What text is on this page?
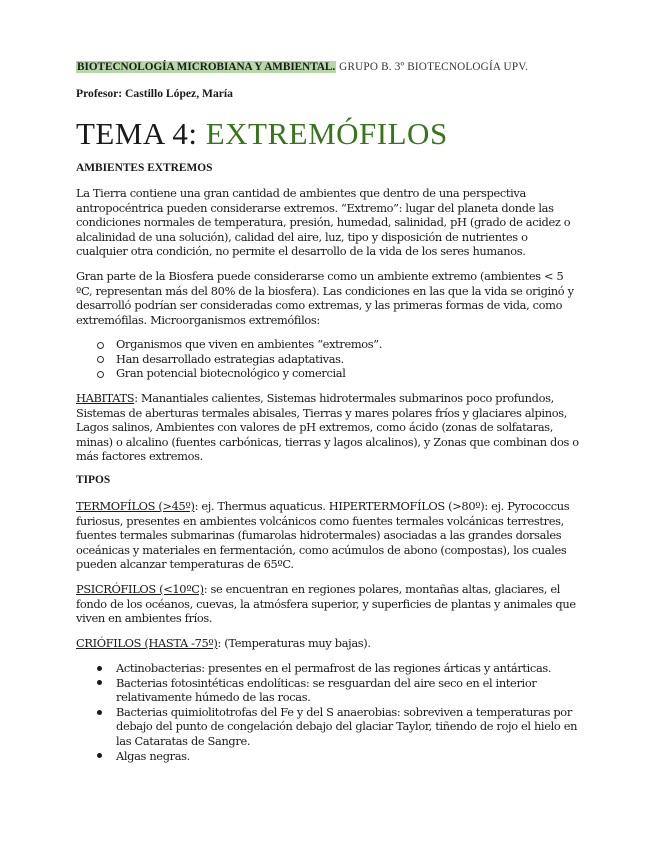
BIOTECNOLOGÍA MICROBIANA Y AMBIENTAL. GRUPO B. 3º BIOTECNOLOGÍA UPV.
Profesor: Castillo López, María
TEMA 4: EXTREMÓFILOS
AMBIENTES EXTREMOS

La Tierra contiene una gran cantidad de ambientes que dentro de una perspectiva antropocéntrica pueden considerarse extremos. “Extremo”: lugar del planeta donde las condiciones normales de temperatura, presión, humedad, salinidad, pH (grado de acidez o alcalinidad de una solución), calidad del aire, luz, tipo y disposición de nutrientes o cualquier otra condición, no permite el desarrollo de la vida de los seres humanos.

Gran parte de la Biosfera puede considerarse como un ambiente extremo (ambientes < 5 ºC, representan más del 80% de la biosfera). Las condiciones en las que la vida se originó y desarrolló podrían ser consideradas como extremas, y las primeras formas de vida, como extremófilas. Microorganismos extremófilos:

Organismos que viven en ambientes “extremos”.
Han desarrollado estrategias adaptativas.
Gran potencial biotecnológico y comercial

HABITATS: Manantiales calientes, Sistemas hidrotermales submarinos poco profundos, Sistemas de aberturas termales abisales, Tierras y mares polares fríos y glaciares alpinos, Lagos salinos, Ambientes con valores de pH extremos, como ácido (zonas de solfataras, minas) o alcalino (fuentes carbónicas, tierras y lagos alcalinos), y Zonas que combinan dos o más factores extremos.

TIPOS

TERMOFÍLOS (>45º): ej. Thermus aquaticus. HIPERTERMOFÍLOS (>80º): ej. Pyrococcus furiosus, presentes en ambientes volcánicos como fuentes termales volcánicas terrestres, fuentes termales submarinas (fumarolas hidrotermales) asociadas a las grandes dorsales oceánicas y materiales en fermentación, como acúmulos de abono (compostas), los cuales pueden alcanzar temperaturas de 65ºC.

PSICRÓFILOS (<10ºC): se encuentran en regiones polares, montañas altas, glaciares, el fondo de los océanos, cuevas, la atmósfera superior, y superficies de plantas y animales que viven en ambientes fríos.

CRIÓFILOS (HASTA -75º): (Temperaturas muy bajas).

Actinobacterias: presentes en el permafrost de las regiones árticas y antárticas.
Bacterias fotosintéticas endolíticas: se resguardan del aire seco en el interior relativamente húmedo de las rocas.
Bacterias quimiolitotrofas del Fe y del S anaerobias: sobreviven a temperaturas por debajo del punto de congelación debajo del glaciar Taylor, tiñendo de rojo el hielo en las Cataratas de Sangre.
Algas negras.
